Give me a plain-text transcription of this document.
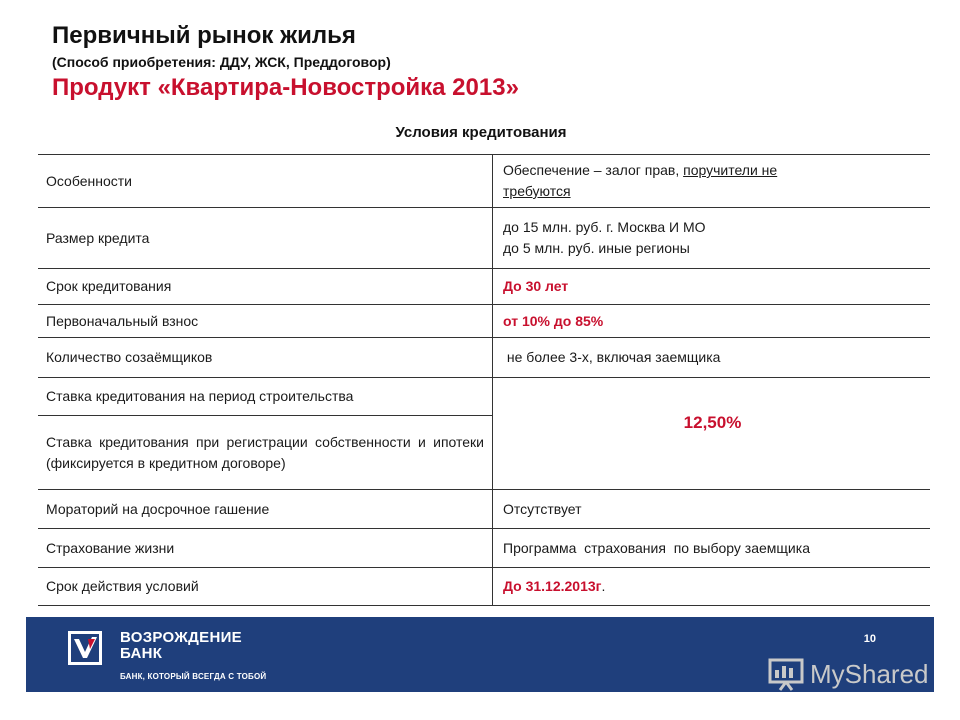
Первичный рынок жилья
(Способ приобретения: ДДУ, ЖСК, Преддоговор)
Продукт «Квартира-Новостройка 2013»
Условия кредитования
Особенности	Обеспечение – залог прав, поручители не
требуются
Размер кредита	до 15 млн. руб. г. Москва И МО
до 5 млн. руб. иные регионы
Срок кредитования	До 30 лет
Первоначальный взнос	от 10% до 85%
Количество созаёмщиков	не более 3-х, включая заемщика
Ставка кредитования на период строительства	12,50%
Ставка кредитования при регистрации собственности и ипотеки (фиксируется в кредитном договоре)	
Мораторий на досрочное гашение	Отсутствует
Страхование жизни	Программа  страхования  по выбору заемщика
Срок действия условий	До 31.12.2013г.
ВОЗРОЖДЕНИЕ
БАНК
БАНК, КОТОРЫЙ ВСЕГДА С ТОБОЙ
10
MyShared
